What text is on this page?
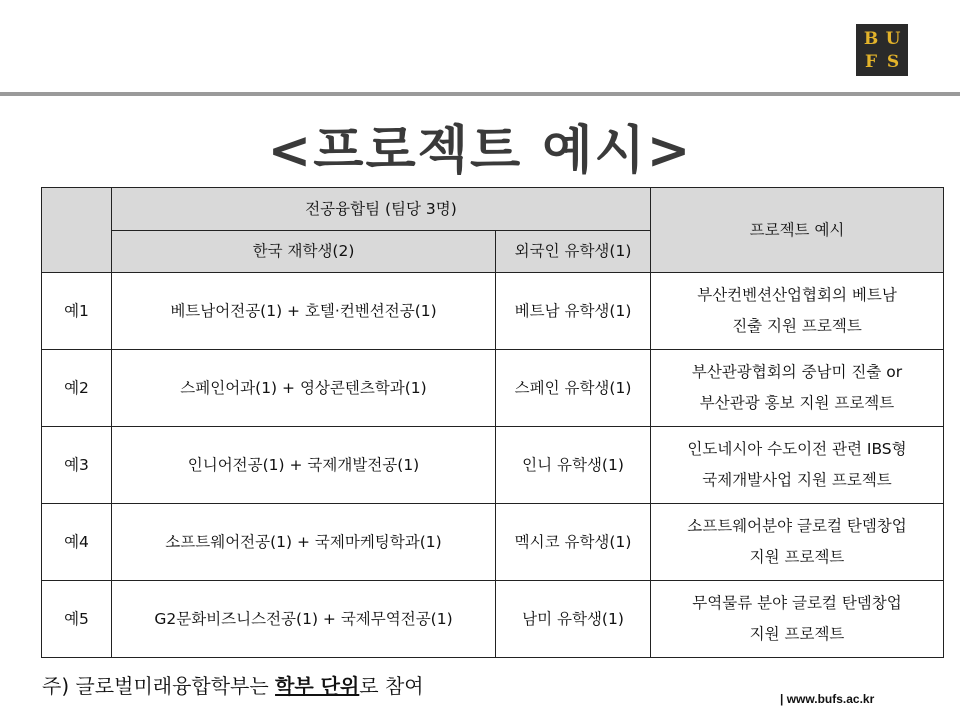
B U
F S
<프로젝트 예시>
	전공융합팀 (팀당 3명)		프로젝트 예시
	한국 재학생(2)	외국인 유학생(1)	
예1	베트남어전공(1) + 호텔·컨벤션전공(1)	베트남 유학생(1)	부산컨벤션산업협회의 베트남
진출 지원 프로젝트

예2	스페인어과(1) + 영상콘텐츠학과(1)	스페인 유학생(1)	부산관광협회의 중남미 진출 or
부산관광 홍보 지원 프로젝트

예3	인니어전공(1) + 국제개발전공(1)	인니 유학생(1)	인도네시아 수도이전 관련 IBS형
국제개발사업 지원 프로젝트

예4	소프트웨어전공(1) + 국제마케팅학과(1)	멕시코 유학생(1)	소프트웨어분야 글로컬 탄뎀창업
지원 프로젝트

예5	G2문화비즈니스전공(1) + 국제무역전공(1)	남미 유학생(1)	무역물류 분야 글로컬 탄뎀창업
지원 프로젝트
주) 글로벌미래융합학부는 학부 단위로 참여
| www.bufs.ac.kr
